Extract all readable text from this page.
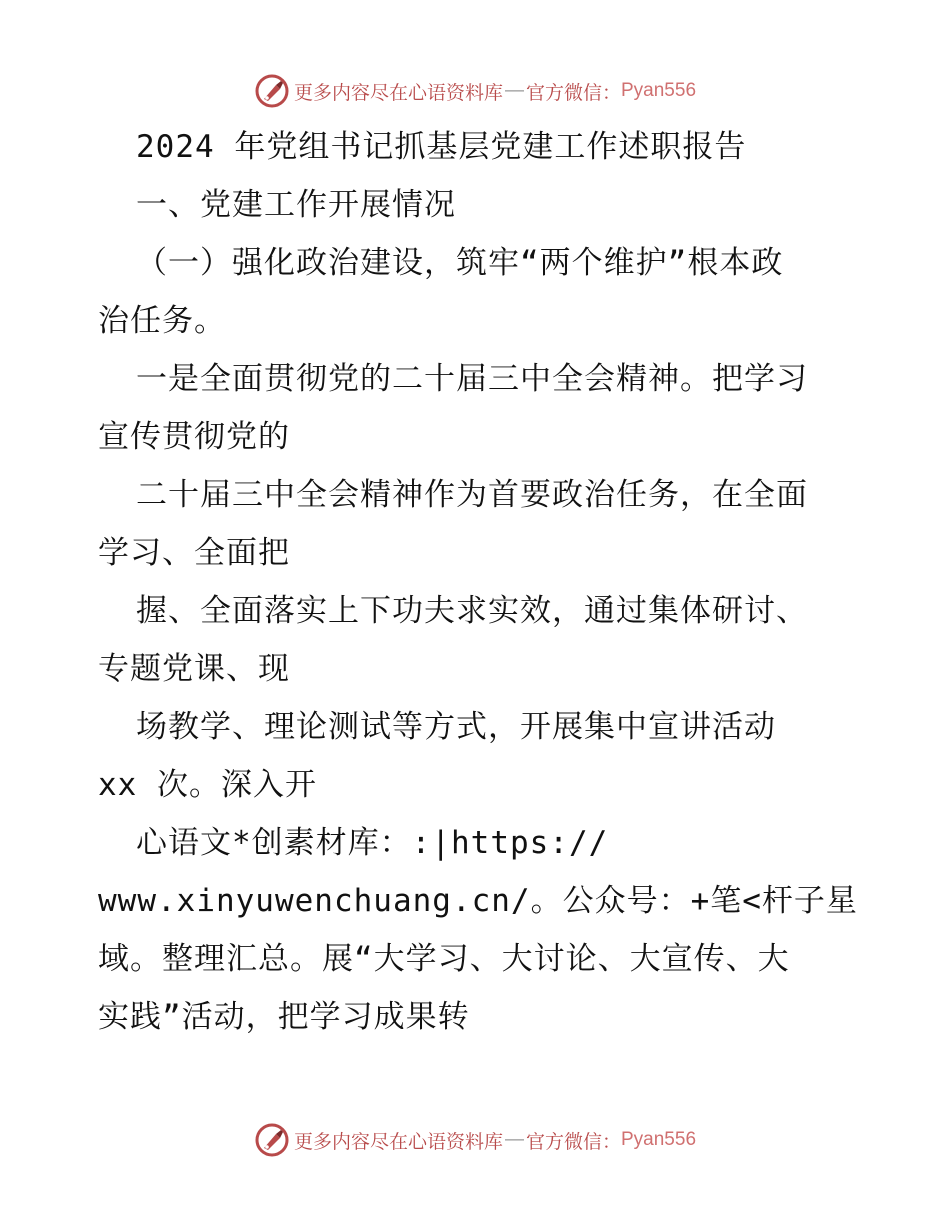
更多内容尽在心语资料库 — 官方微信： Pyan556
2024 年党组书记抓基层党建工作述职报告
一、党建工作开展情况
（一）强化政治建设，筑牢“两个维护”根本政
治任务。
一是全面贯彻党的二十届三中全会精神。把学习
宣传贯彻党的
二十届三中全会精神作为首要政治任务，在全面
学习、全面把
握、全面落实上下功夫求实效，通过集体研讨、
专题党课、现
场教学、理论测试等方式，开展集中宣讲活动
xx 次。深入开
心语文*创素材库：:|https://
www.xinyuwenchuang.cn/。公众号：+笔<杆子星
域。整理汇总。展“大学习、大讨论、大宣传、大
实践”活动，把学习成果转
更多内容尽在心语资料库 — 官方微信： Pyan556
